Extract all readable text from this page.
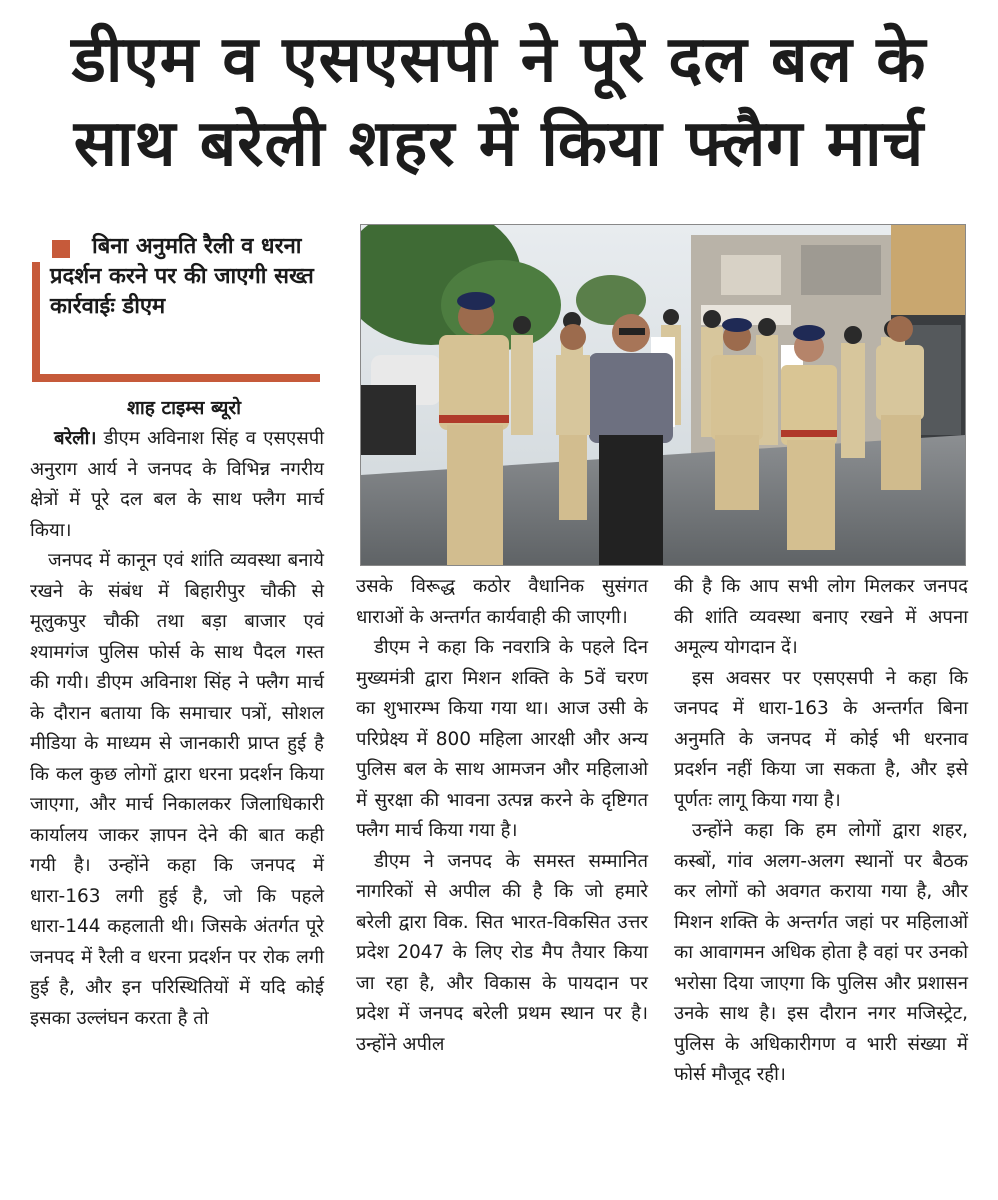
डीएम व एसएसपी ने पूरे दल बल के
साथ बरेली शहर में किया फ्लैग मार्च
बिना अनुमति रैली व धरना प्रदर्शन करने पर की जाएगी सख्त कार्रवाईः डीएम
शाह टाइम्स ब्यूरो

बरेली। डीएम अविनाश सिंह व एसएसपी अनुराग आर्य ने जनपद के विभिन्न नगरीय क्षेत्रों में पूरे दल बल के साथ फ्लैग मार्च किया।

जनपद में कानून एवं शांति व्यवस्था बनाये रखने के संबंध में बिहारीपुर चौकी से मूलुकपुर चौकी तथा बड़ा बाजार एवं श्यामगंज पुलिस फोर्स के साथ पैदल गस्त की गयी। डीएम अविनाश सिंह ने फ्लैग मार्च के दौरान बताया कि समाचार पत्रों, सोशल मीडिया के माध्यम से जानकारी प्राप्त हुई है कि कल कुछ लोगों द्वारा धरना प्रदर्शन किया जाएगा, और मार्च निकालकर जिलाधिकारी कार्यालय जाकर ज्ञापन देने की बात कही गयी है। उन्होंने कहा कि जनपद में धारा-163 लगी हुई है, जो कि पहले धारा-144 कहलाती थी। जिसके अंतर्गत पूरे जनपद में रैली व धरना प्रदर्शन पर रोक लगी हुई है, और इन परिस्थितियों में यदि कोई इसका उल्लंघन करता है तो

उसके विरूद्ध कठोर वैधानिक सुसंगत धाराओं के अन्तर्गत कार्यवाही की जाएगी।

डीएम ने कहा कि नवरात्रि के पहले दिन मुख्यमंत्री द्वारा मिशन शक्ति के 5वें चरण का शुभारम्भ किया गया था। आज उसी के परिप्रेक्ष्य में 800 महिला आरक्षी और अन्य पुलिस बल के साथ आमजन और महिलाओ में सुरक्षा की भावना उत्पन्न करने के दृष्टिगत फ्लैग मार्च किया गया है।

डीएम ने जनपद के समस्त सम्मानित नागरिकों से अपील की है कि जो हमारे बरेली द्वारा विक. सित भारत-विकसित उत्तर प्रदेश 2047 के लिए रोड मैप तैयार किया जा रहा है, और विकास के पायदान पर प्रदेश में जनपद बरेली प्रथम स्थान पर है। उन्होंने अपील

की है कि आप सभी लोग मिलकर जनपद की शांति व्यवस्था बनाए रखने में अपना अमूल्य योगदान दें।

इस अवसर पर एसएसपी ने कहा कि जनपद में धारा-163 के अन्तर्गत बिना अनुमति के जनपद में कोई भी धरनाव प्रदर्शन नहीं किया जा सकता है, और इसे पूर्णतः लागू किया गया है।

उन्होंने कहा कि हम लोगों द्वारा शहर, कस्बों, गांव अलग-अलग स्थानों पर बैठक कर लोगों को अवगत कराया गया है, और मिशन शक्ति के अन्तर्गत जहां पर महिलाओं का आवागमन अधिक होता है वहां पर उनको भरोसा दिया जाएगा कि पुलिस और प्रशासन उनके साथ है। इस दौरान नगर मजिस्ट्रेट, पुलिस के अधिकारीगण व भारी संख्या में फोर्स मौजूद रही।
